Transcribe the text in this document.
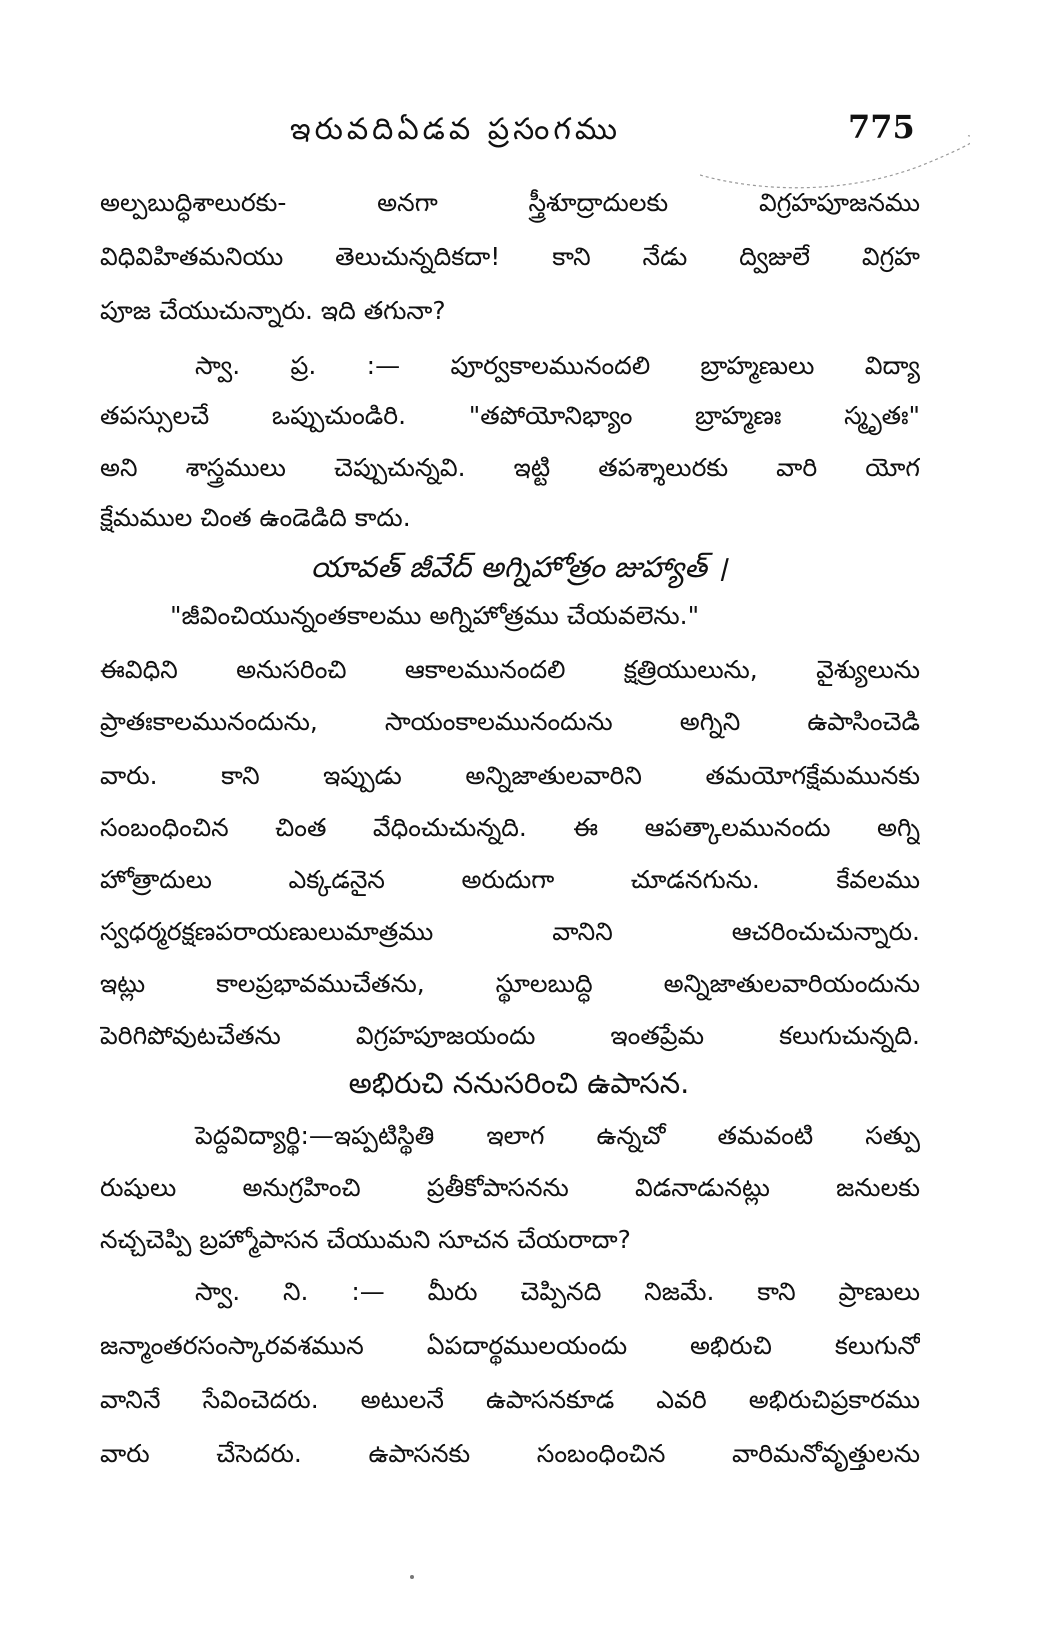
ఇరువదిఏడవ ప్రసంగము	775
అల్పబుద్ధిశాలురకు- అనగా స్త్రీశూద్రాదులకు విగ్రహపూజనము
విధివిహితమనియు తెలుచున్నదికదా! కాని నేడు ద్విజులే విగ్రహ
పూజ చేయుచున్నారు. ఇది తగునా?
స్వా. ప్ర. :— పూర్వకాలమునందలి బ్రాహ్మణులు విద్యా
తపస్సులచే ఒప్పుచుండిరి. "తపోయోనిభ్యాం బ్రాహ్మణః స్మృతః"
అని శాస్త్రములు చెప్పుచున్నవి. ఇట్టి తపశ్శాలురకు వారి యోగ
క్షేమముల చింత ఉండెడిది కాదు.
యావత్ జీవేద్ అగ్నిహోత్రం జుహ్యాత్ ।
"జీవించియున్నంతకాలము అగ్నిహోత్రము చేయవలెను."
ఈవిధిని అనుసరించి ఆకాలమునందలి క్షత్రియులును, వైశ్యులును
ప్రాతఃకాలమునందును, సాయంకాలమునందును అగ్నిని ఉపాసించెడి
వారు. కాని ఇప్పుడు అన్నిజాతులవారిని తమయోగక్షేమమునకు
సంబంధించిన చింత వేధించుచున్నది. ఈ ఆపత్కాలమునందు అగ్ని
హోత్రాదులు ఎక్కడనైన అరుదుగా చూడనగును. కేవలము
స్వధర్మరక్షణపరాయణులుమాత్రము వానిని ఆచరించుచున్నారు.
ఇట్లు కాలప్రభావముచేతను, స్థూలబుద్ధి అన్నిజాతులవారియందును
పెరిగిపోవుటచేతను విగ్రహపూజయందు ఇంతప్రేమ కలుగుచున్నది.
అభిరుచి ననుసరించి ఉపాసన.
పెద్దవిద్యార్థి:—ఇప్పటిస్థితి ఇలాగ ఉన్నచో తమవంటి సత్పు
రుషులు అనుగ్రహించి ప్రతీకోపాసనను విడనాడునట్లు జనులకు
నచ్చచెప్పి బ్రహ్మోపాసన చేయుమని సూచన చేయరాదా?
స్వా. ని. :— మీరు చెప్పినది నిజమే. కాని ప్రాణులు
జన్మాంతరసంస్కారవశమున ఏపదార్థములయందు అభిరుచి కలుగునో
వానినే సేవించెదరు. అటులనే ఉపాసనకూడ ఎవరి అభిరుచిప్రకారము
వారు చేసెదరు. ఉపాసనకు సంబంధించిన వారిమనోవృత్తులను
